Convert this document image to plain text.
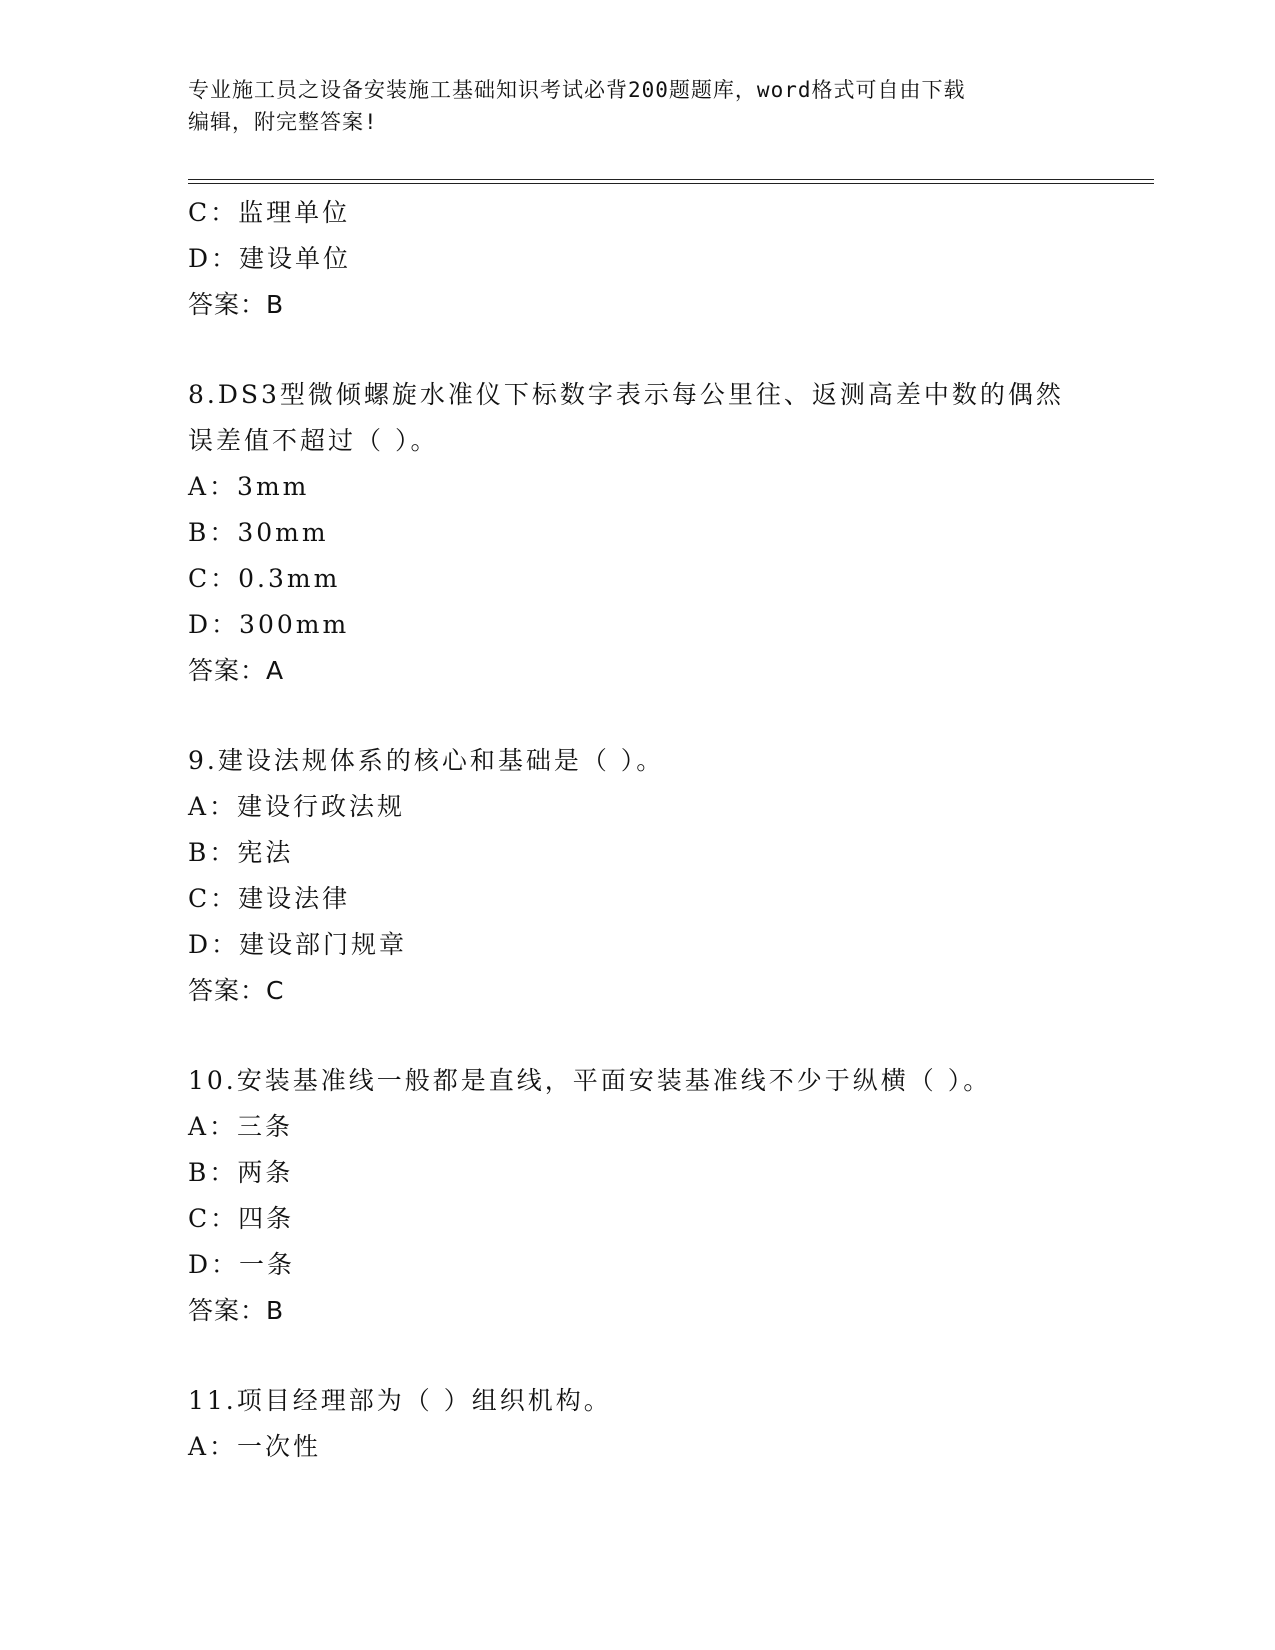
专业施工员之设备安装施工基础知识考试必背200题题库，word格式可自由下载
编辑，附完整答案!
C：监理单位
D：建设单位
答案：B
8.DS3型微倾螺旋水准仪下标数字表示每公里往、返测高差中数的偶然
误差值不超过（ ）。
A：3mm
B：30mm
C：0.3mm
D：300mm
答案：A
9.建设法规体系的核心和基础是（ ）。
A：建设行政法规
B：宪法
C：建设法律
D：建设部门规章
答案：C
10.安装基准线一般都是直线，平面安装基准线不少于纵横（ ）。
A：三条
B：两条
C：四条
D：一条
答案：B
11.项目经理部为（ ）组织机构。
A：一次性
